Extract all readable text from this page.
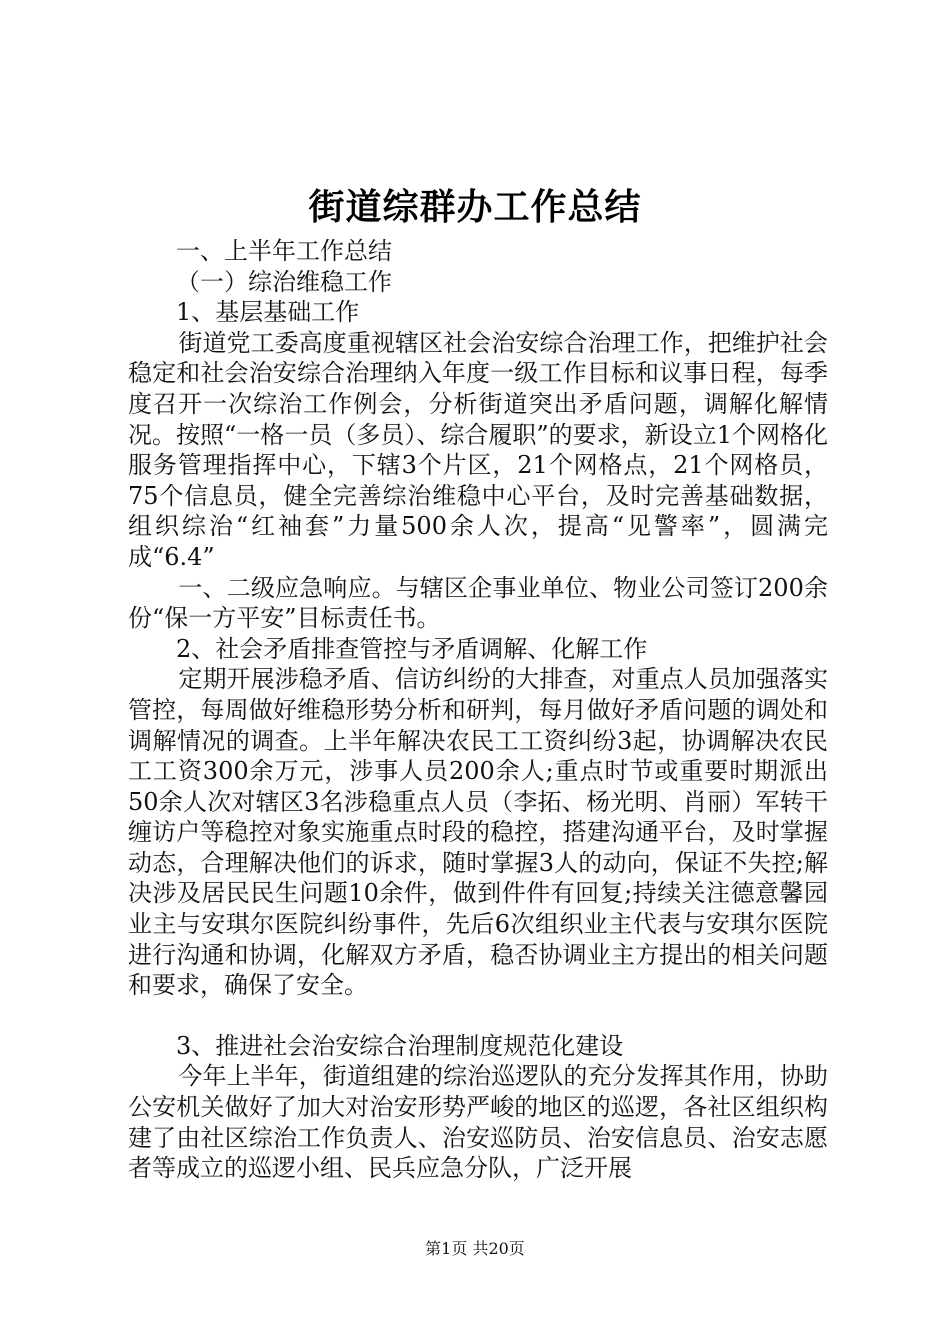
街道综群办工作总结

一、上半年工作总结

（一）综治维稳工作

1、基层基础工作

街道党工委高度重视辖区社会治安综合治理工作，把维护社会稳定和社会治安综合治理纳入年度一级工作目标和议事日程，每季度召开一次综治工作例会，分析街道突出矛盾问题，调解化解情况。按照“一格一员（多员）、综合履职”的要求，新设立1个网格化服务管理指挥中心，下辖3个片区，21个网格点，21个网格员，75个信息员，健全完善综治维稳中心平台，及时完善基础数据，组织综治“红袖套”力量500余人次，提高“见警率”，圆满完成“6.4”

一、二级应急响应。与辖区企事业单位、物业公司签订200余份“保一方平安”目标责任书。

2、社会矛盾排查管控与矛盾调解、化解工作

定期开展涉稳矛盾、信访纠纷的大排查，对重点人员加强落实管控，每周做好维稳形势分析和研判，每月做好矛盾问题的调处和调解情况的调查。上半年解决农民工工资纠纷3起，协调解决农民工工资300余万元，涉事人员200余人;重点时节或重要时期派出50余人次对辖区3名涉稳重点人员（李拓、杨光明、肖丽）军转干缠访户等稳控对象实施重点时段的稳控，搭建沟通平台，及时掌握动态，合理解决他们的诉求，随时掌握3人的动向，保证不失控;解决涉及居民民生问题10余件，做到件件有回复;持续关注德意馨园业主与安琪尔医院纠纷事件，先后6次组织业主代表与安琪尔医院进行沟通和协调，化解双方矛盾，稳否协调业主方提出的相关问题和要求，确保了安全。

3、推进社会治安综合治理制度规范化建设

今年上半年，街道组建的综治巡逻队的充分发挥其作用，协助公安机关做好了加大对治安形势严峻的地区的巡逻，各社区组织构建了由社区综治工作负责人、治安巡防员、治安信息员、治安志愿者等成立的巡逻小组、民兵应急分队，广泛开展

第1页 共20页
